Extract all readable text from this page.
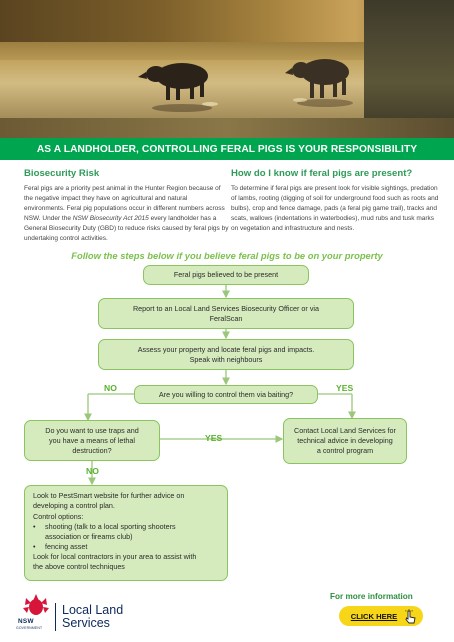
AS A LANDHOLDER, CONTROLLING FERAL PIGS IS YOUR RESPONSIBILITY
Biosecurity Risk

Feral pigs are a priority pest animal in the Hunter Region because of the negative impact they have on agricultural and natural environments. Feral pig populations occur in different numbers across NSW. Under the NSW Biosecurity Act 2015 every landholder has a General Biosecurity Duty (GBD) to reduce risks caused by feral pigs by undertaking control activities.

How do I know if feral pigs are present?

To determine if feral pigs are present look for visible sightings, predation of lambs, rooting (digging of soil for underground food such as roots and bulbs), crop and fence damage, pads (a feral pig game trail), tracks and scats, wallows (indentations in waterbodies), mud rubs and tusk marks on vegetation and infrastructure and nests.

Follow the steps below if you believe feral pigs to be on your property
Feral pigs believed to be present
Report to an Local Land Services Biosecurity Officer or via
FeralScan
Assess your property and locate feral pigs and impacts.
Speak with neighbours
Are you willing to control them via baiting?
NO	YES
Do you want to use traps and
you have a means of lethal
destruction?
YES
Contact Local Land Services for
technical advice in developing
a control program
NO
Look to PestSmart website for further advice on
developing a control plan.
Control options:
•	shooting (talk to a local sporting shooters
association or fireams club)
•	fencing asset
Look for local contractors in your area to assist with
the above control techniques
NSW
GOVERNMENT
Local Land
Services
For more information
CLICK HERE
